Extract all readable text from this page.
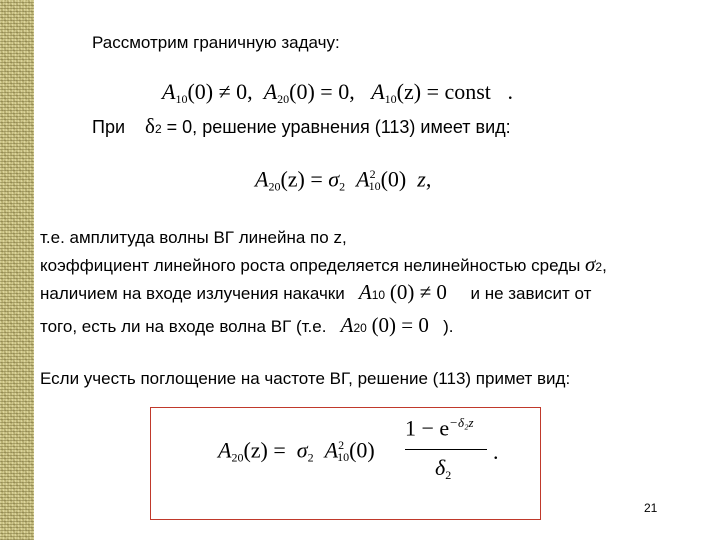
Рассмотрим граничную задачу:
$A_{10}(0) \ne 0$, $A_{20}(0) = 0$, $A_{10}(z)$ = const .
При δ2 = 0, решение уравнения (113) имеет вид:
$A_{20}(z) = \sigma_2$ $A^2_{10}(0)$ z,
т.е. амплитуда волны ВГ линейна по z,
коэффициент линейного роста определяется нелинейностью среды σ2,
наличием на входе излучения накачки A10 (0) ≠ 0 и не зависит от
того, есть ли на входе волна ВГ (т.е. A20 (0) = 0 ).
Если учесть поглощение на частоте ВГ, решение (113) примет вид:
$A_{20}(z) = \sigma_2$ $A^2_{10}(0)$
$1 - e^{-\delta_2z}$
$\delta_2$
.
21
